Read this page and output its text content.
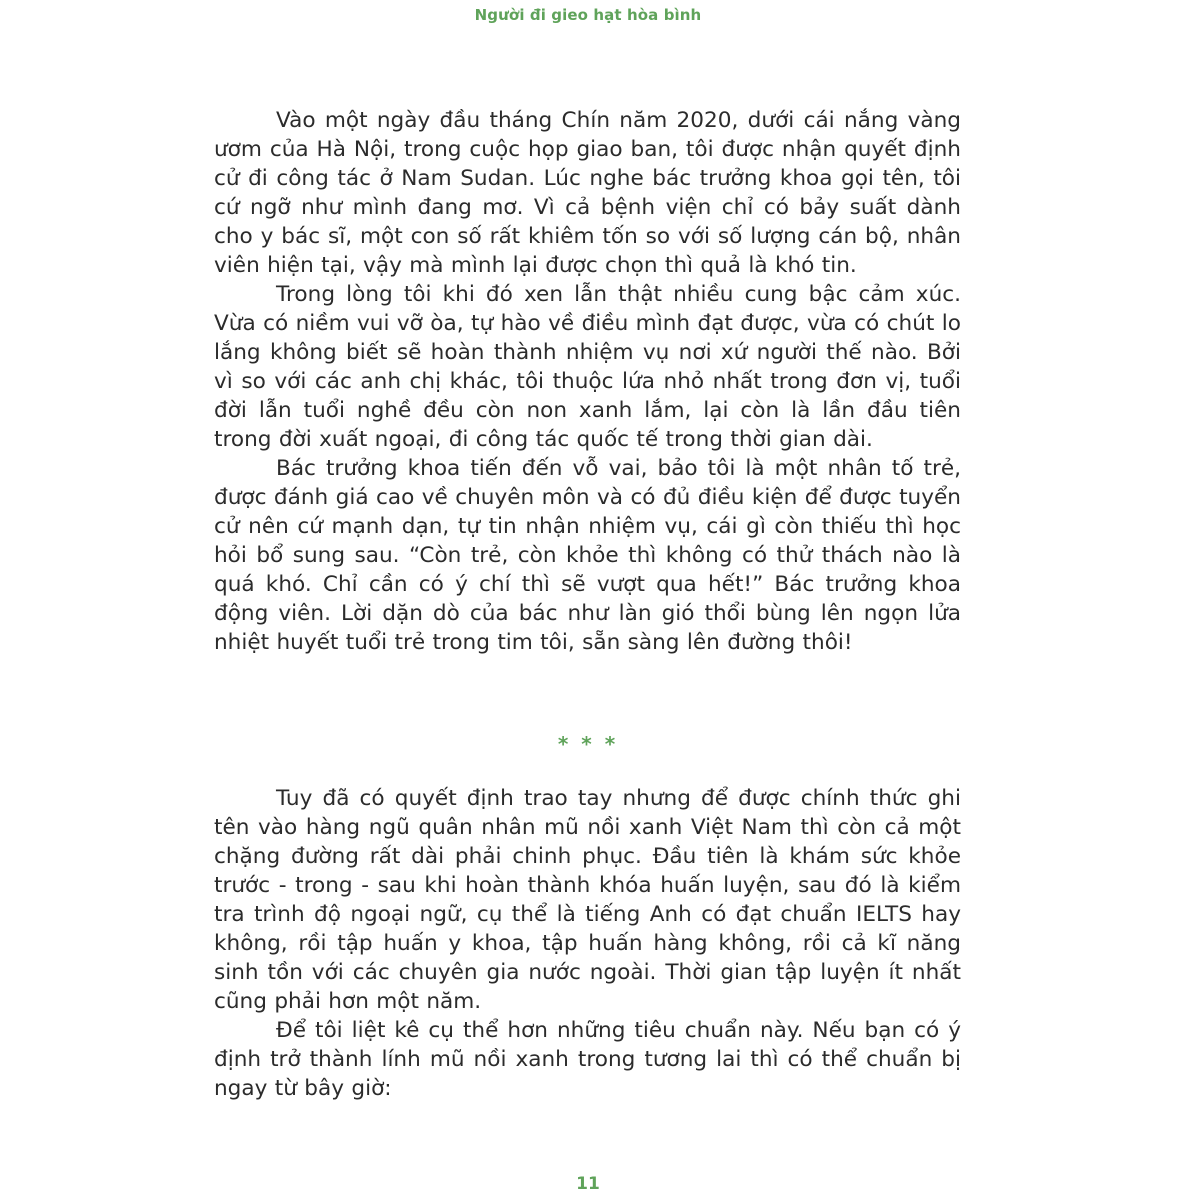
Người đi gieo hạt hòa bình

Vào một ngày đầu tháng Chín năm 2020, dưới cái nắng vàng ươm của Hà Nội, trong cuộc họp giao ban, tôi được nhận quyết định cử đi công tác ở Nam Sudan. Lúc nghe bác trưởng khoa gọi tên, tôi cứ ngỡ như mình đang mơ. Vì cả bệnh viện chỉ có bảy suất dành cho y bác sĩ, một con số rất khiêm tốn so với số lượng cán bộ, nhân viên hiện tại, vậy mà mình lại được chọn thì quả là khó tin.

Trong lòng tôi khi đó xen lẫn thật nhiều cung bậc cảm xúc. Vừa có niềm vui vỡ òa, tự hào về điều mình đạt được, vừa có chút lo lắng không biết sẽ hoàn thành nhiệm vụ nơi xứ người thế nào. Bởi vì so với các anh chị khác, tôi thuộc lứa nhỏ nhất trong đơn vị, tuổi đời lẫn tuổi nghề đều còn non xanh lắm, lại còn là lần đầu tiên trong đời xuất ngoại, đi công tác quốc tế trong thời gian dài.

Bác trưởng khoa tiến đến vỗ vai, bảo tôi là một nhân tố trẻ, được đánh giá cao về chuyên môn và có đủ điều kiện để được tuyển cử nên cứ mạnh dạn, tự tin nhận nhiệm vụ, cái gì còn thiếu thì học hỏi bổ sung sau. “Còn trẻ, còn khỏe thì không có thử thách nào là quá khó. Chỉ cần có ý chí thì sẽ vượt qua hết!” Bác trưởng khoa động viên. Lời dặn dò của bác như làn gió thổi bùng lên ngọn lửa nhiệt huyết tuổi trẻ trong tim tôi, sẵn sàng lên đường thôi!

* * *

Tuy đã có quyết định trao tay nhưng để được chính thức ghi tên vào hàng ngũ quân nhân mũ nồi xanh Việt Nam thì còn cả một chặng đường rất dài phải chinh phục. Đầu tiên là khám sức khỏe trước - trong - sau khi hoàn thành khóa huấn luyện, sau đó là kiểm tra trình độ ngoại ngữ, cụ thể là tiếng Anh có đạt chuẩn IELTS hay không, rồi tập huấn y khoa, tập huấn hàng không, rồi cả kĩ năng sinh tồn với các chuyên gia nước ngoài. Thời gian tập luyện ít nhất cũng phải hơn một năm.

Để tôi liệt kê cụ thể hơn những tiêu chuẩn này. Nếu bạn có ý định trở thành lính mũ nồi xanh trong tương lai thì có thể chuẩn bị ngay từ bây giờ:

11
